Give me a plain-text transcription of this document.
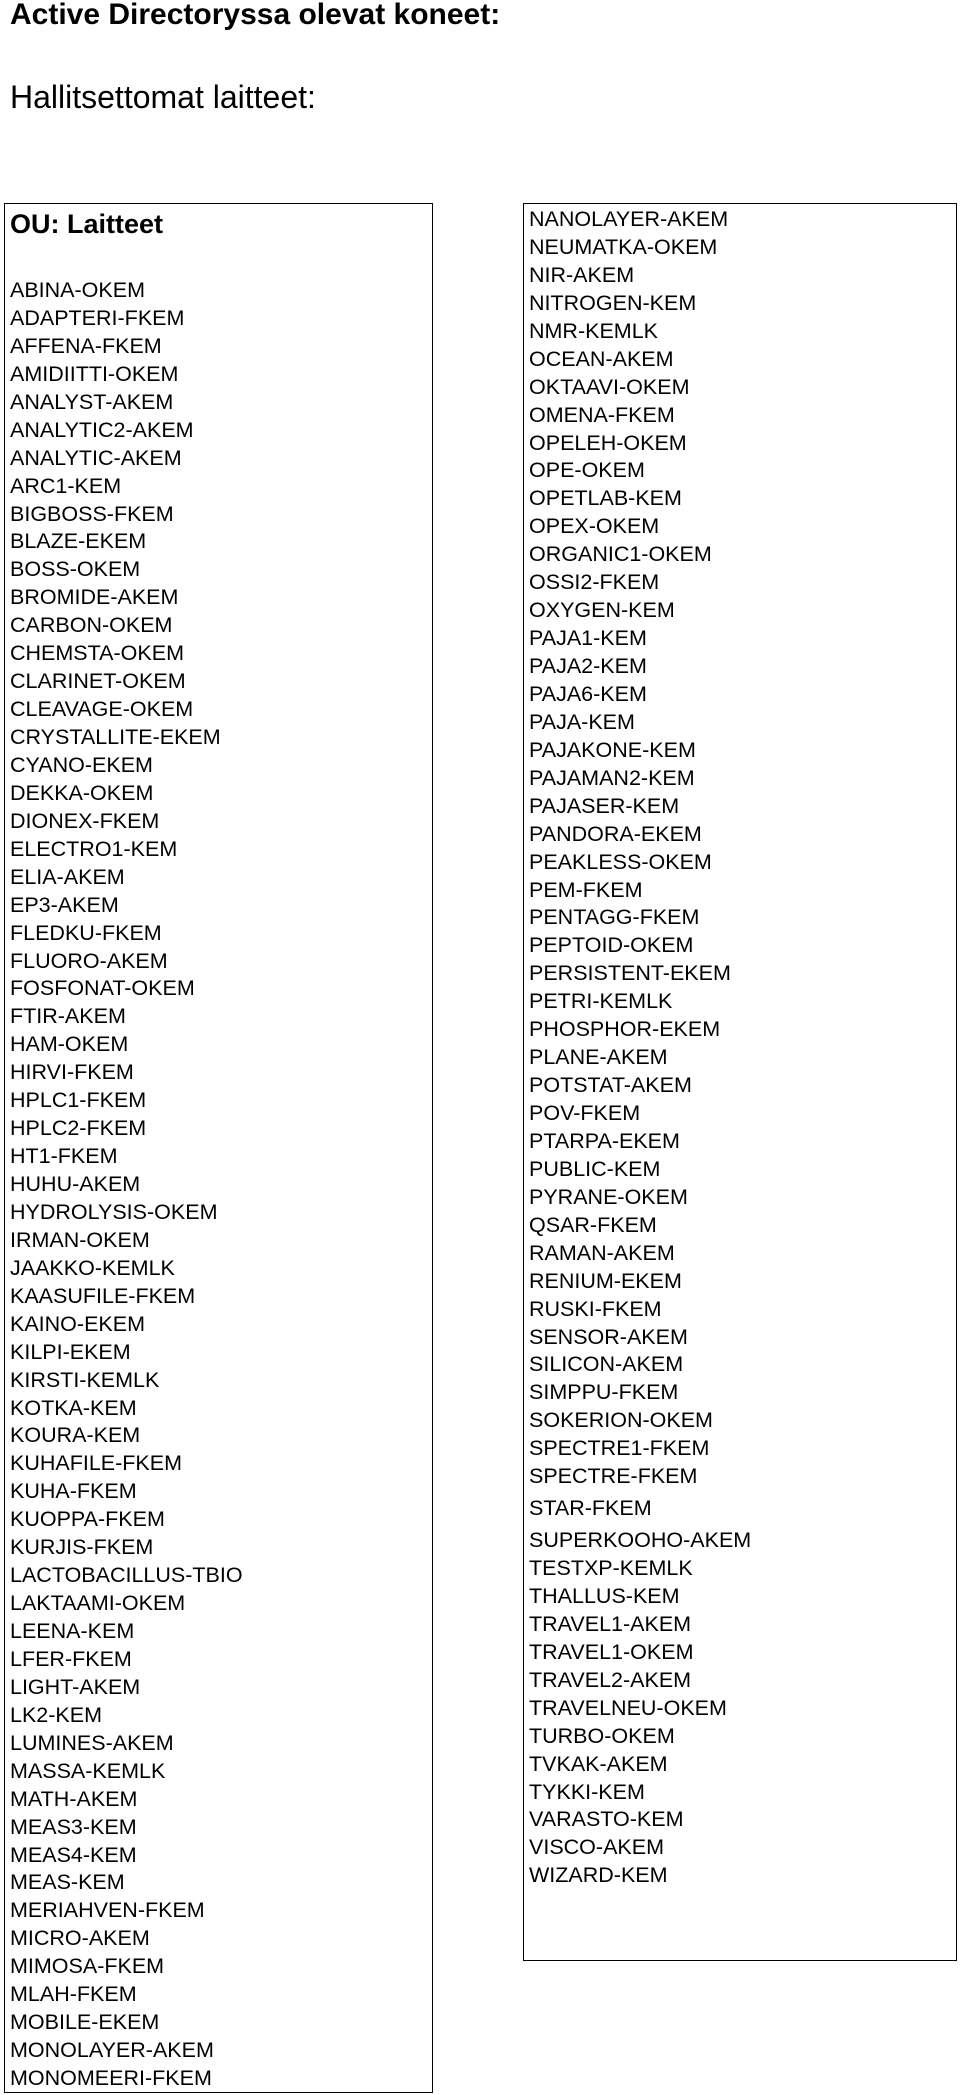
Active Directoryssa olevat koneet:
Hallitsettomat laitteet:
OU: Laitteet
ABINA-OKEM
ADAPTERI-FKEM
AFFENA-FKEM
AMIDIITTI-OKEM
ANALYST-AKEM
ANALYTIC2-AKEM
ANALYTIC-AKEM
ARC1-KEM
BIGBOSS-FKEM
BLAZE-EKEM
BOSS-OKEM
BROMIDE-AKEM
CARBON-OKEM
CHEMSTA-OKEM
CLARINET-OKEM
CLEAVAGE-OKEM
CRYSTALLITE-EKEM
CYANO-EKEM
DEKKA-OKEM
DIONEX-FKEM
ELECTRO1-KEM
ELIA-AKEM
EP3-AKEM
FLEDKU-FKEM
FLUORO-AKEM
FOSFONAT-OKEM
FTIR-AKEM
HAM-OKEM
HIRVI-FKEM
HPLC1-FKEM
HPLC2-FKEM
HT1-FKEM
HUHU-AKEM
HYDROLYSIS-OKEM
IRMAN-OKEM
JAAKKO-KEMLK
KAASUFILE-FKEM
KAINO-EKEM
KILPI-EKEM
KIRSTI-KEMLK
KOTKA-KEM
KOURA-KEM
KUHAFILE-FKEM
KUHA-FKEM
KUOPPA-FKEM
KURJIS-FKEM
LACTOBACILLUS-TBIO
LAKTAAMI-OKEM
LEENA-KEM
LFER-FKEM
LIGHT-AKEM
LK2-KEM
LUMINES-AKEM
MASSA-KEMLK
MATH-AKEM
MEAS3-KEM
MEAS4-KEM
MEAS-KEM
MERIAHVEN-FKEM
MICRO-AKEM
MIMOSA-FKEM
MLAH-FKEM
MOBILE-EKEM
MONOLAYER-AKEM
MONOMEERI-FKEM
NANOLAYER-AKEM
NEUMATKA-OKEM
NIR-AKEM
NITROGEN-KEM
NMR-KEMLK
OCEAN-AKEM
OKTAAVI-OKEM
OMENA-FKEM
OPELEH-OKEM
OPE-OKEM
OPETLAB-KEM
OPEX-OKEM
ORGANIC1-OKEM
OSSI2-FKEM
OXYGEN-KEM
PAJA1-KEM
PAJA2-KEM
PAJA6-KEM
PAJA-KEM
PAJAKONE-KEM
PAJAMAN2-KEM
PAJASER-KEM
PANDORA-EKEM
PEAKLESS-OKEM
PEM-FKEM
PENTAGG-FKEM
PEPTOID-OKEM
PERSISTENT-EKEM
PETRI-KEMLK
PHOSPHOR-EKEM
PLANE-AKEM
POTSTAT-AKEM
POV-FKEM
PTARPA-EKEM
PUBLIC-KEM
PYRANE-OKEM
QSAR-FKEM
RAMAN-AKEM
RENIUM-EKEM
RUSKI-FKEM
SENSOR-AKEM
SILICON-AKEM
SIMPPU-FKEM
SOKERION-OKEM
SPECTRE1-FKEM
SPECTRE-FKEM
STAR-FKEM
SUPERKOOHO-AKEM
TESTXP-KEMLK
THALLUS-KEM
TRAVEL1-AKEM
TRAVEL1-OKEM
TRAVEL2-AKEM
TRAVELNEU-OKEM
TURBO-OKEM
TVKAK-AKEM
TYKKI-KEM
VARASTO-KEM
VISCO-AKEM
WIZARD-KEM
